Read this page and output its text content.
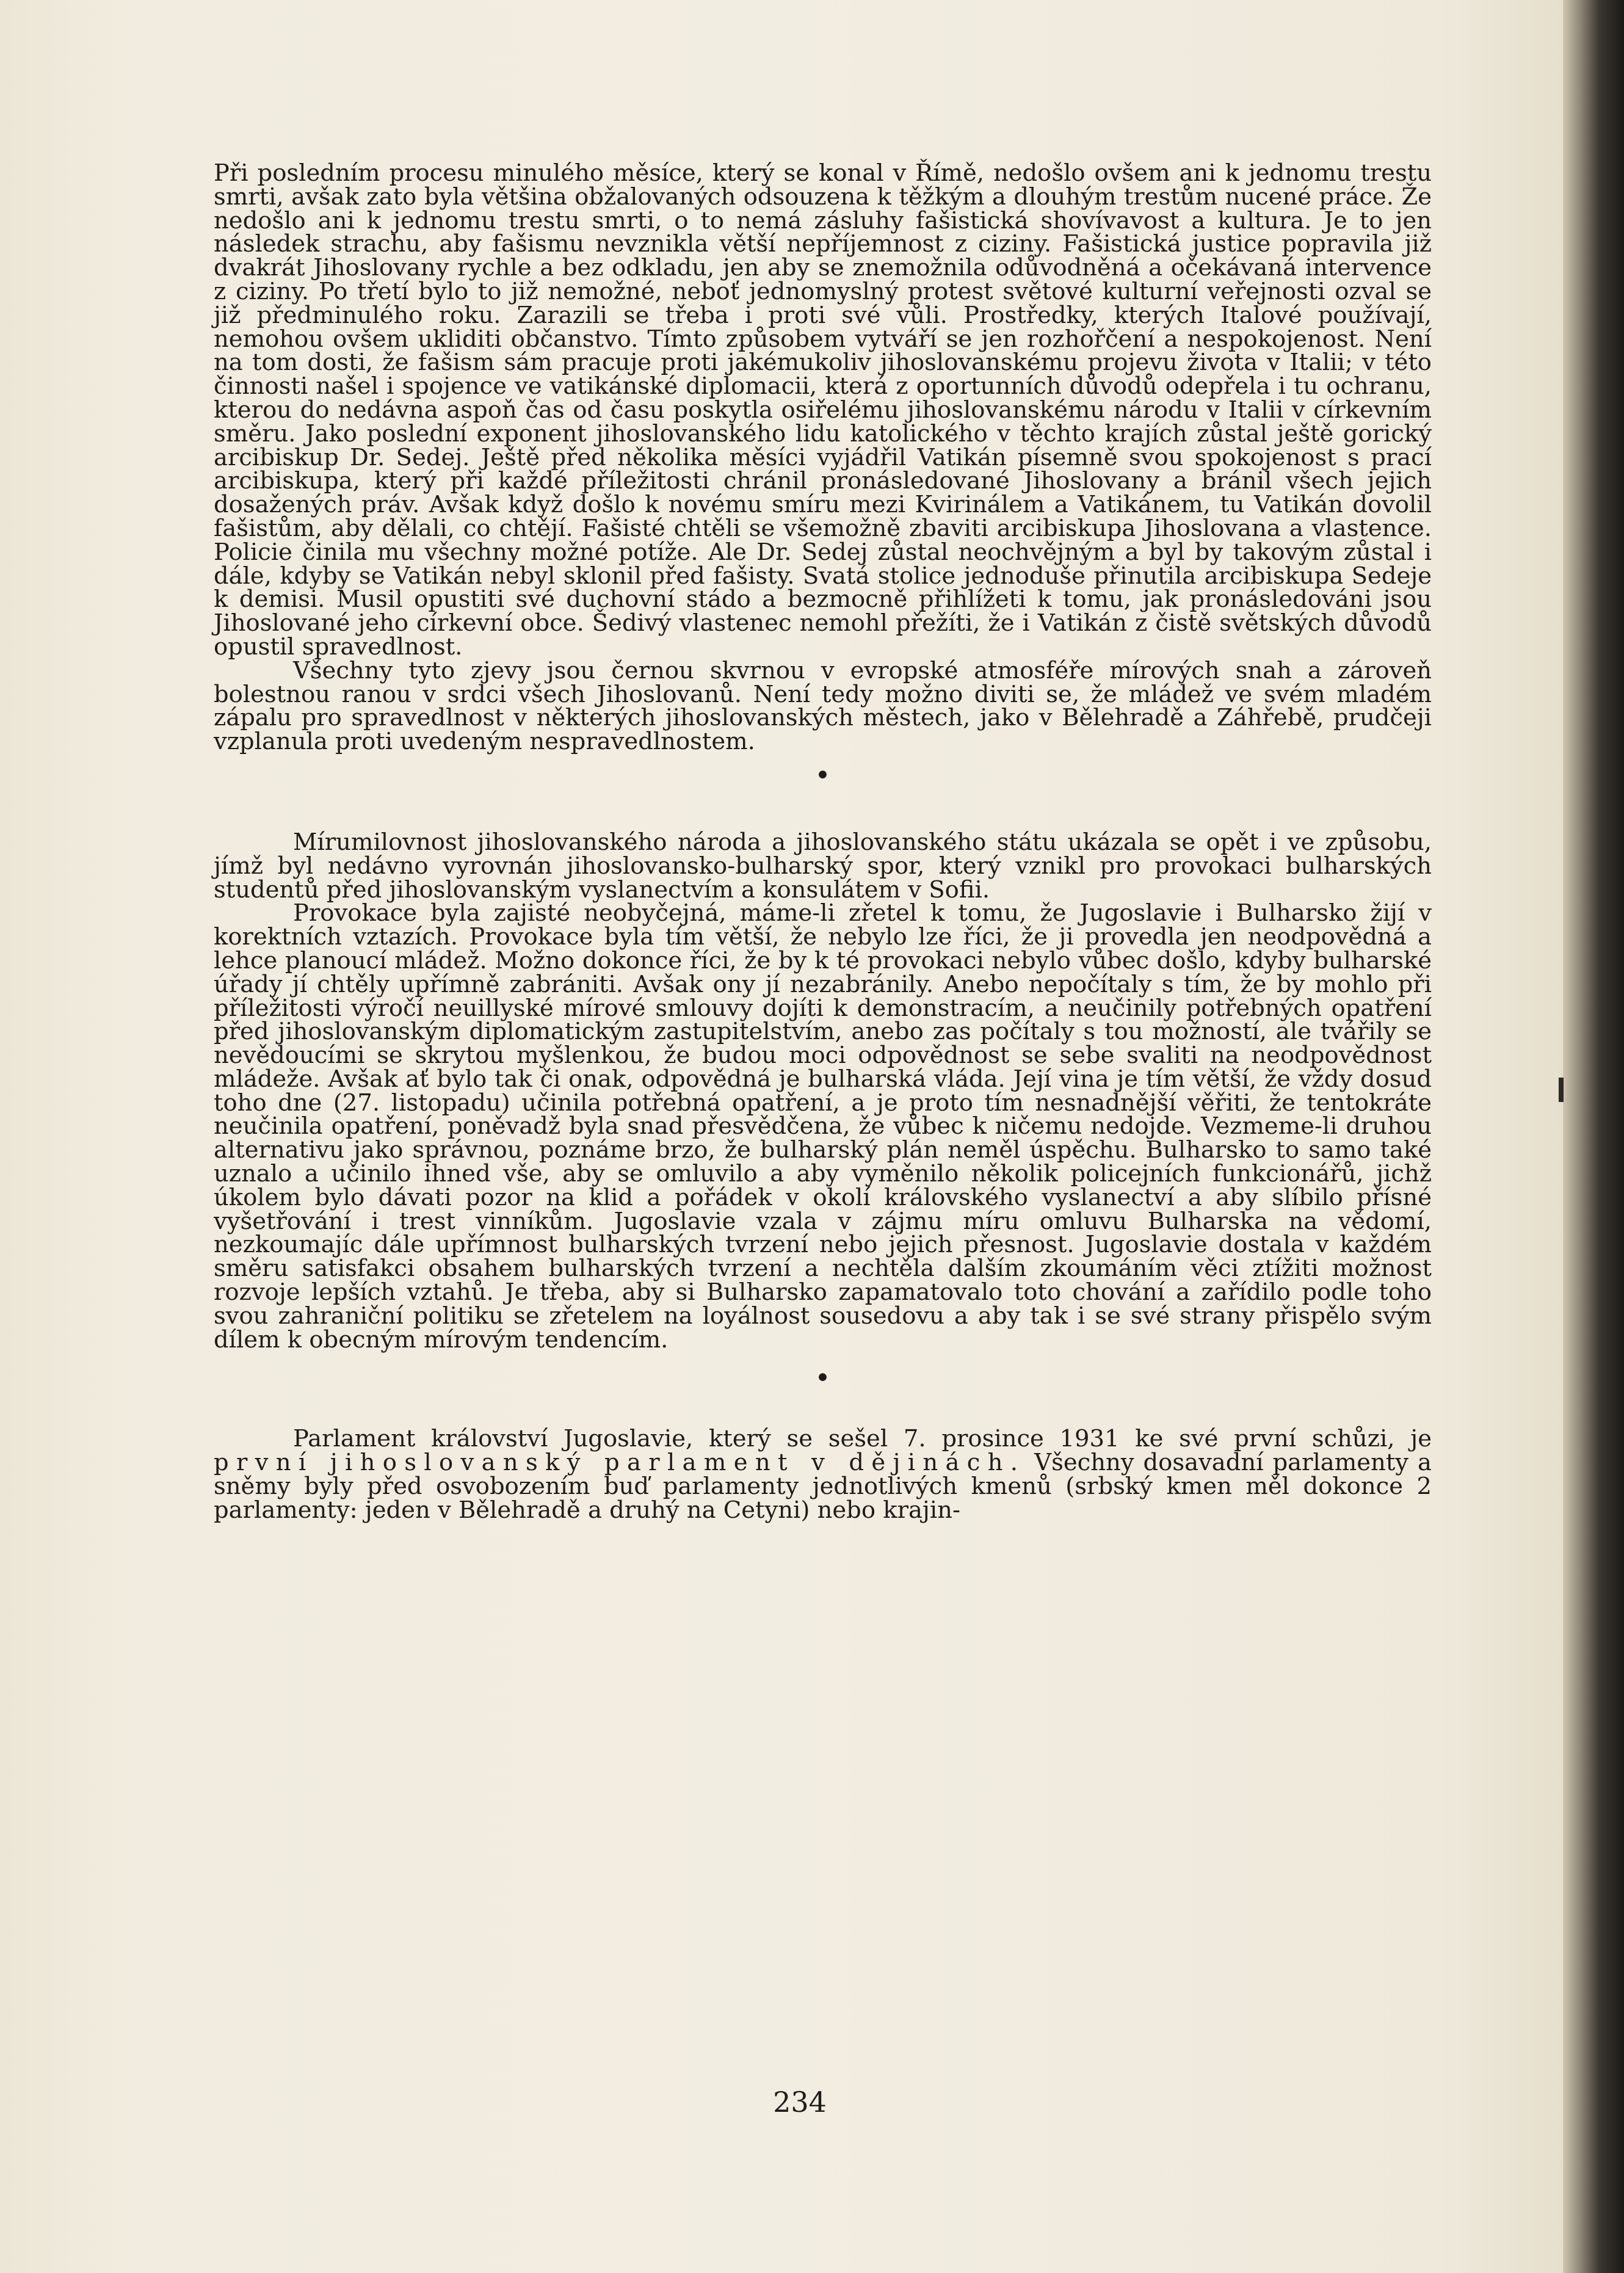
Při posledním procesu minulého měsíce, který se konal v Římě, nedošlo ovšem ani k jednomu trestu smrti, avšak zato byla většina obžalovaných odsouzena k těžkým a dlouhým trestům nucené práce. Že nedošlo ani k jednomu trestu smrti, o to nemá zásluhy fašistická shovívavost a kultura. Je to jen následek strachu, aby fašismu nevznikla větší nepříjemnost z ciziny. Fašistická justice popravila již dvakrát Jihoslovany rychle a bez odkladu, jen aby se znemožnila odůvodněná a očekávaná intervence z ciziny. Po třetí bylo to již nemožné, neboť jednomyslný protest světové kulturní veřejnosti ozval se již předminulého roku. Zarazili se třeba i proti své vůli. Prostředky, kterých Italové používají, nemohou ovšem ukliditi občanstvo. Tímto způsobem vytváří se jen rozhořčení a nespokojenost. Není na tom dosti, že fašism sám pracuje proti jakémukoliv jihoslovanskému projevu života v Italii; v této činnosti našel i spojence ve vatikánské diplomacii, která z oportunních důvodů odepřela i tu ochranu, kterou do nedávna aspoň čas od času poskytla osiřelému jihoslovanskému národu v Italii v církevním směru. Jako poslední exponent jihoslovanského lidu katolického v těchto krajích zůstal ještě gorický arcibiskup Dr. Sedej. Ještě před několika měsíci vyjádřil Vatikán písemně svou spokojenost s prací arcibiskupa, který při každé příležitosti chránil pronásledované Jihoslovany a bránil všech jejich dosažených práv. Avšak když došlo k novému smíru mezi Kvirinálem a Vatikánem, tu Vatikán dovolil fašistům, aby dělali, co chtějí. Fašisté chtěli se všemožně zbaviti arcibiskupa Jihoslovana a vlastence. Policie činila mu všechny možné potíže. Ale Dr. Sedej zůstal neochvějným a byl by takovým zůstal i dále, kdyby se Vatikán nebyl sklonil před fašisty. Svatá stolice jednoduše přinutila arcibiskupa Sedeje k demisi. Musil opustiti své duchovní stádo a bezmocně přihlížeti k tomu, jak pronásledováni jsou Jihoslované jeho církevní obce. Šedivý vlastenec nemohl přežíti, že i Vatikán z čistě světských důvodů opustil spravedlnost.

Všechny tyto zjevy jsou černou skvrnou v evropské atmosféře mírových snah a zároveň bolestnou ranou v srdci všech Jihoslovanů. Není tedy možno diviti se, že mládež ve svém mladém zápalu pro spravedlnost v některých jihoslovanských městech, jako v Bělehradě a Záhřebě, prudčeji vzplanula proti uvedeným nespravedlnostem.

•

Mírumilovnost jihoslovanského národa a jihoslovanského státu ukázala se opět i ve způsobu, jímž byl nedávno vyrovnán jihoslovansko-bulharský spor, který vznikl pro provokaci bulharských studentů před jihoslovanským vyslanectvím a konsulátem v Sofii.

Provokace byla zajisté neobyčejná, máme-li zřetel k tomu, že Jugoslavie i Bulharsko žijí v korektních vztazích. Provokace byla tím větší, že nebylo lze říci, že ji provedla jen neodpovědná a lehce planoucí mládež. Možno dokonce říci, že by k té provokaci nebylo vůbec došlo, kdyby bulharské úřady jí chtěly upřímně zabrániti. Avšak ony jí nezabránily. Anebo nepočítaly s tím, že by mohlo při příležitosti výročí neuillyské mírové smlouvy dojíti k demonstracím, a neučinily potřebných opatření před jihoslovanským diplomatickým zastupitelstvím, anebo zas počítaly s tou možností, ale tvářily se nevědoucími se skrytou myšlenkou, že budou moci odpovědnost se sebe svaliti na neodpovědnost mládeže. Avšak ať bylo tak či onak, odpovědná je bulharská vláda. Její vina je tím větší, že vždy dosud toho dne (27. listopadu) učinila potřebná opatření, a je proto tím nesnadnější věřiti, že tentokráte neučinila opatření, poněvadž byla snad přesvědčena, že vůbec k ničemu nedojde. Vezmeme-li druhou alternativu jako správnou, poznáme brzo, že bulharský plán neměl úspěchu. Bulharsko to samo také uznalo a učinilo ihned vše, aby se omluvilo a aby vyměnilo několik policejních funkcionářů, jichž úkolem bylo dávati pozor na klid a pořádek v okolí královského vyslanectví a aby slíbilo přísné vyšetřování i trest vinníkům. Jugoslavie vzala v zájmu míru omluvu Bulharska na vědomí, nezkoumajíc dále upřímnost bulharských tvrzení nebo jejich přesnost. Jugoslavie dostala v každém směru satisfakci obsahem bulharských tvrzení a nechtěla dalším zkoumáním věci ztížiti možnost rozvoje lepších vztahů. Je třeba, aby si Bulharsko zapamatovalo toto chování a zařídilo podle toho svou zahraniční politiku se zřetelem na loyálnost sousedovu a aby tak i se své strany přispělo svým dílem k obecným mírovým tendencím.

•

Parlament království Jugoslavie, který se sešel 7. prosince 1931 ke své první schůzi, je první jihoslovanský parlament v dějinách. Všechny dosavadní parlamenty a sněmy byly před osvobozením buď parlamenty jednotlivých kmenů (srbský kmen měl dokonce 2 parlamenty: jeden v Bělehradě a druhý na Cetyni) nebo krajin-

234
